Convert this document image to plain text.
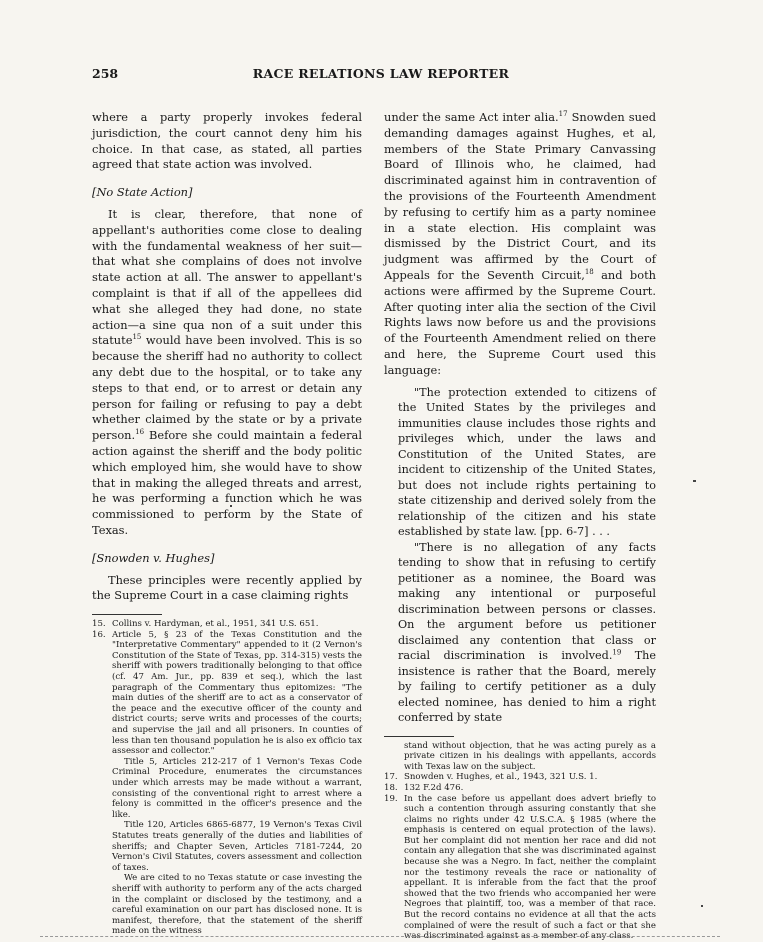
258	RACE RELATIONS LAW REPORTER

where a party properly invokes federal jurisdiction, the court cannot deny him his choice. In that case, as stated, all parties agreed that state action was involved.

[No State Action]

It is clear, therefore, that none of appellant's authorities come close to dealing with the fundamental weakness of her suit—that what she complains of does not involve state action at all. The answer to appellant's complaint is that if all of the appellees did what she alleged they had done, no state action—a sine qua non of a suit under this statute$^{15}$ would have been involved. This is so because the sheriff had no authority to collect any debt due to the hospital, or to take any steps to that end, or to arrest or detain any person for failing or refusing to pay a debt whether claimed by the state or by a private person.$^{16}$ Before she could maintain a federal action against the sheriff and the body politic which employed him, she would have to show that in making the alleged threats and arrest, he was performing a function which he was commissioned to perform by the State of Texas.

[Snowden v. Hughes]

These principles were recently applied by the Supreme Court in a case claiming rights

15. Collins v. Hardyman, et al., 1951, 341 U.S. 651.
16. Article 5, § 23 of the Texas Constitution and the "Interpretative Commentary" appended to it (2 Vernon's Constitution of the State of Texas, pp. 314-315) vests the sheriff with powers traditionally belonging to that office (cf. 47 Am. Jur., pp. 839 et seq.), which the last paragraph of the Commentary thus epitomizes: "The main duties of the sheriff are to act as a conservator of the peace and the executive officer of the county and district courts; serve writs and processes of the courts; and supervise the jail and all prisoners. In counties of less than ten thousand population he is also ex officio tax assessor and collector."
Title 5, Articles 212-217 of 1 Vernon's Texas Code Criminal Procedure, enumerates the circumstances under which arrests may be made without a warrant, consisting of the conventional right to arrest where a felony is committed in the officer's presence and the like.
Title 120, Articles 6865-6877, 19 Vernon's Texas Civil Statutes treats generally of the duties and liabilities of sheriffs; and Chapter Seven, Articles 7181-7244, 20 Vernon's Civil Statutes, covers assessment and collection of taxes.
We are cited to no Texas statute or case investing the sheriff with authority to perform any of the acts charged in the complaint or disclosed by the testimony, and a careful examination on our part has disclosed none. It is manifest, therefore, that the statement of the sheriff made on the witness

under the same Act inter alia.$^{17}$ Snowden sued demanding damages against Hughes, et al, members of the State Primary Canvassing Board of Illinois who, he claimed, had discriminated against him in contravention of the provisions of the Fourteenth Amendment by refusing to certify him as a party nominee in a state election. His complaint was dismissed by the District Court, and its judgment was affirmed by the Court of Appeals for the Seventh Circuit,$^{18}$ and both actions were affirmed by the Supreme Court. After quoting inter alia the section of the Civil Rights laws now before us and the provisions of the Fourteenth Amendment relied on there and here, the Supreme Court used this language:

"The protection extended to citizens of the United States by the privileges and immunities clause includes those rights and privileges which, under the laws and Constitution of the United States, are incident to citizenship of the United States, but does not include rights pertaining to state citizenship and derived solely from the relationship of the citizen and his state established by state law. [pp. 6-7] . . .

"There is no allegation of any facts tending to show that in refusing to certify petitioner as a nominee, the Board was making any intentional or purposeful discrimination between persons or classes. On the argument before us petitioner disclaimed any contention that class or racial discrimination is involved.$^{19}$ The insistence is rather that the Board, merely by failing to certify petitioner as a duly elected nominee, has denied to him a right conferred by state

stand without objection, that he was acting purely as a private citizen in his dealings with appellants, accords with Texas law on the subject.
17. Snowden v. Hughes, et al., 1943, 321 U.S. 1.
18. 132 F.2d 476.
19. In the case before us appellant does advert briefly to such a contention through assuring constantly that she claims no rights under 42 U.S.C.A. § 1985 (where the emphasis is centered on equal protection of the laws). But her complaint did not mention her race and did not contain any allegation that she was discriminated against because she was a Negro. In fact, neither the complaint nor the testimony reveals the race or nationality of appellant. It is inferable from the fact that the proof showed that the two friends who accompanied her were Negroes that plaintiff, too, was a member of that race. But the record contains no evidence at all that the acts complained of were the result of such a fact or that she was discriminated against as a member of any class.
